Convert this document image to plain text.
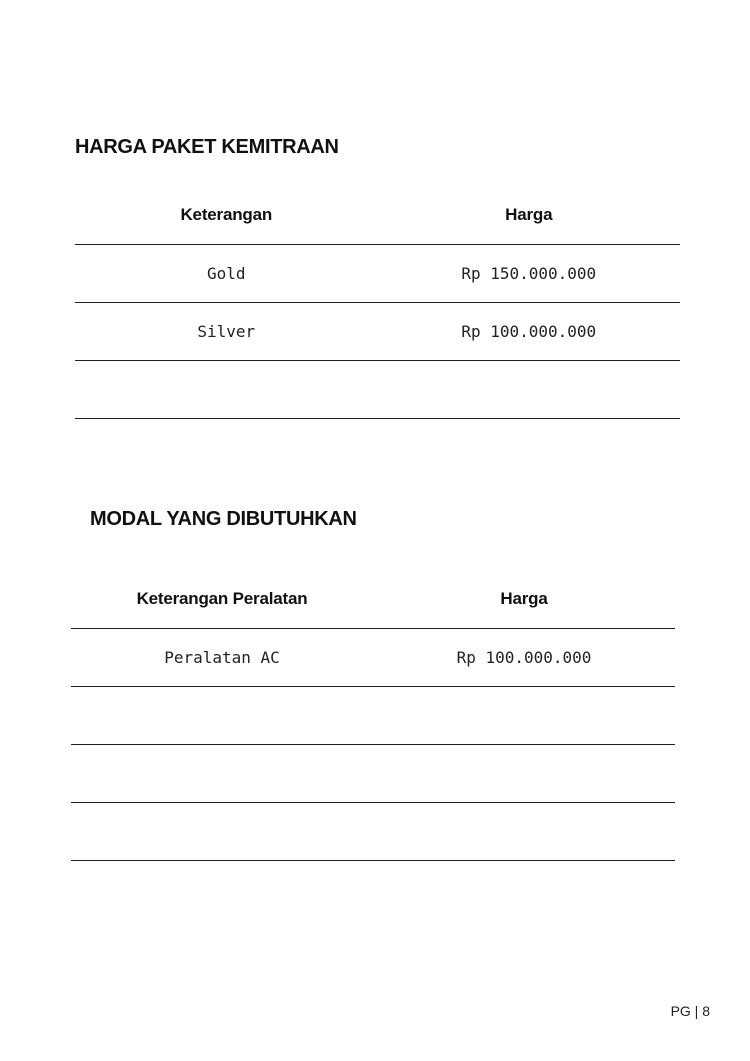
HARGA PAKET KEMITRAAN
Keterangan	Harga
Gold	Rp 150.000.000
Silver	Rp 100.000.000

MODAL YANG DIBUTUHKAN
Keterangan Peralatan	Harga
Peralatan AC	Rp 100.000.000

PG | 8
